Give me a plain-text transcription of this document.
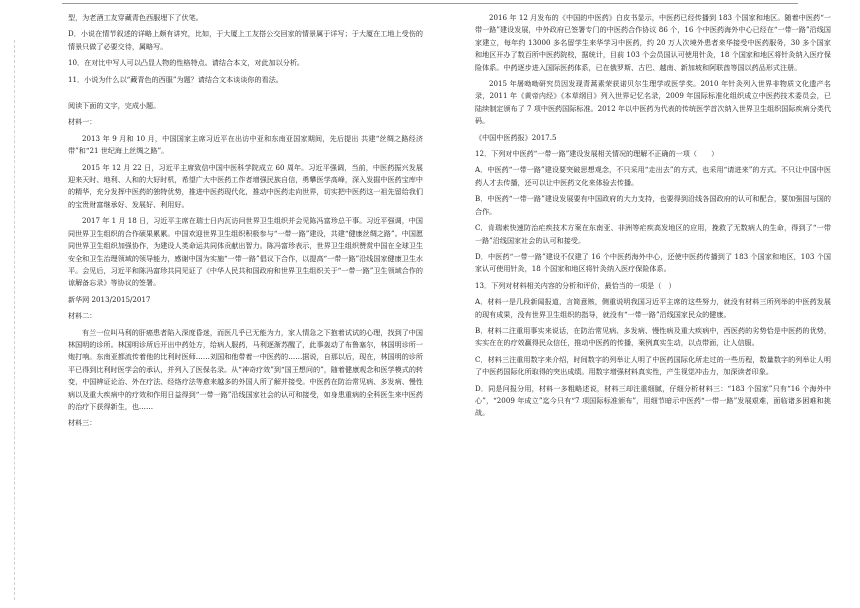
型，为老酒工友穿藏青色西服埋下了伏笔。

D．小说在情节叙述的详略上颇有讲究，比如，于大厦上工友搭公交回家的情景属于详写；于大厦在工地上受伤的情景只做了必要交待，属略写。

10．在对比中写人可以凸显人物的性格特点。请结合本文，对此加以分析。

11．小说为什么以“藏青色的西服”为题？请结合文本谈谈你的看法。

阅读下面的文字，完成小题。

材料一：

2013 年 9 月和 10 月，中国国家主席习近平在出访中亚和东南亚国家期间，先后提出 共建“丝绸之路经济带”和“21 世纪海上丝绸之路”。

2015 年 12 月 22 日，习近平主席致信中国中医科学院成立 60 周年。习近平强调，当前，中医药振兴发展迎来天时、地利、人和的大好时机，希望广大中医药工作者增强民族自信，勇攀医学高峰，深入发掘中医药宝库中的精华，充分发挥中医药的独特优势，推进中医药现代化，推动中医药走向世界，切实把中医药这一祖先留给我们的宝贵财富继承好、发展好、利用好。

2017 年 1 月 18 日，习近平主席在瑞士日内瓦访问世界卫生组织并会见陈冯富珍总干事。习近平强调，中国同世界卫生组织的合作硕果累累。中国欢迎世界卫生组织积极参与“一带一路”建设，共建“健康丝绸之路”。中国愿同世界卫生组织加强协作，为建设人类命运共同体贡献出智力。陈冯富珍表示，世界卫生组织赞赏中国在全球卫生安全和卫生治理领域的领导能力，感谢中国为实施“一带一路”倡议下合作，以提高“一带一路”沿线国家健康卫生水平。会见后，习近平和陈冯富珍共同见证了《中华人民共和国政府和世界卫生组织关于“一带一路”卫生领域合作的谅解备忘录》等协议的签署。

新华网 2013/2015/2017

材料二：

有兰一位叫马利的肝癌患者陷入深度昏迷，而医几乎已无能为力，家人情急之下抱着试试的心理，找到了中国林国明的诊所。林国明诊所后开出中药处方，给病人服药，马利逐渐苏醒了，此事轰动了布鲁塞尔，林国明诊所一炮打响。东南亚都流传着他的比利时医师……刘国和他带着一中医药的……据说，自那以后，现在，林国明的诊所平已得到比利时医学会的承认，并列入了医保名录。从“神奇疗效”到“国王想问的”，随着健康观念和医学模式的转变，中国辨证论治、外在疗法、经络疗法等愈来越多的外国人所了解并接受。中医药在防治常见病、多发病、慢性病以及重大疾病中的疗效和作用日益得到“一带一路”沿线国家社会的认可和接受，如身患重病的全科医生来中医药的治疗下获得新生，也……

材料三：

2016 年 12 月发布的《中国的中医药》白皮书显示，中医药已经传播到 183 个国家和地区。随着中医药“一带一路”建设发展，中外政府已签署专门的中医药合作协议 86 个，16 个中医药海外中心已经在“一带一路”沿线国家建立，每年约 13000 多名留学生来华学习中医药，约 20 万人次境外患者来华接受中医药服务，30 多个国家和地区开办了数百所中医药院校，据统计，目前 103 个会员国认可使用针灸，18 个国家和地区将针灸纳入医疗保险体系。中药逐步进入国际医药体系，已在俄罗斯、古巴、越南、新加坡和阿联酋等国以药品形式注册。

2015 年屠呦呦研究员因发现青蒿素荣获诺贝尔生理学或医学奖。2010 年针灸列入世界非物质文化遗产名录，2011 年《黄帝内经》《本草纲目》列入世界记忆名录，2009 年国际标准化组织成立中医药技术委员会，已陆续制定颁布了 7 项中医药国际标准。2012 年以中医药为代表的传统医学首次纳入世界卫生组织国际疾病分类代码。

《中国中医药报》2017.5

12．下列对中医药“一带一路”建设发展相关情况的理解不正确的一项（　　）

A．中医药“一带一路”建设要突破思想观念，不只采用“走出去”的方式，也采用“请进来”的方式。不只让中国中医药人才去传播，还可以让中医药文化来体验去传播。

B．中医药“一带一路”建设发展要有中国政府的大力支持，也要得到沿线各国政府的认可和配合，要加强国与国的合作。

C．肯瑞索快速防治疟疾技术方案在东南亚、非洲等疟疾高发地区的应用，挽救了无数病人的生命，得到了“一带一路”沿线国家社会的认可和接受。

D．中医药“一带一路”建设不仅建了 16 个中医药海外中心，还使中医药传播到了 183 个国家和地区，103 个国家认可使用针灸，18 个国家和地区将针灸纳入医疗保险体系。

13．下列对材料相关内容的分析和评价，最恰当的一项是（　）

A．材料一是几段新闻报道，言简意赅，侧重说明我国习近平主席的这些努力，就没有材料三所列举的中医药发展的现有成果，没有世界卫生组织的指导，就没有“一带一路”沿线国家民众的健康。

B．材料二注重用事实来说话，在防治常见病、多发病、慢性病及重大疾病中，西医药的劣势恰是中医药的优势，实实在在的疗效赢得民众信任，推动中医药的传播，案例真实生动，以点带面，让人信服。

C．材料三注重用数字来介绍，时间数字的列举让人明了中医药国际化所走过的一些历程，数量数字的列举让人明了中医药国际化所取得的突出成绩。用数字增强材料真实性，产生视觉冲击力，加深读者印象。

D．同是问报分用，材料一多粗略述说，材料三却注重细腻，仔细分析材料三：“183 个国家”只有“16 个海外中心”，“2009 年成立”迄今只有“7 项国际标准颁布”，用细节暗示中医药“一带一路”发展艰难，面临诸多困难和挑战。
